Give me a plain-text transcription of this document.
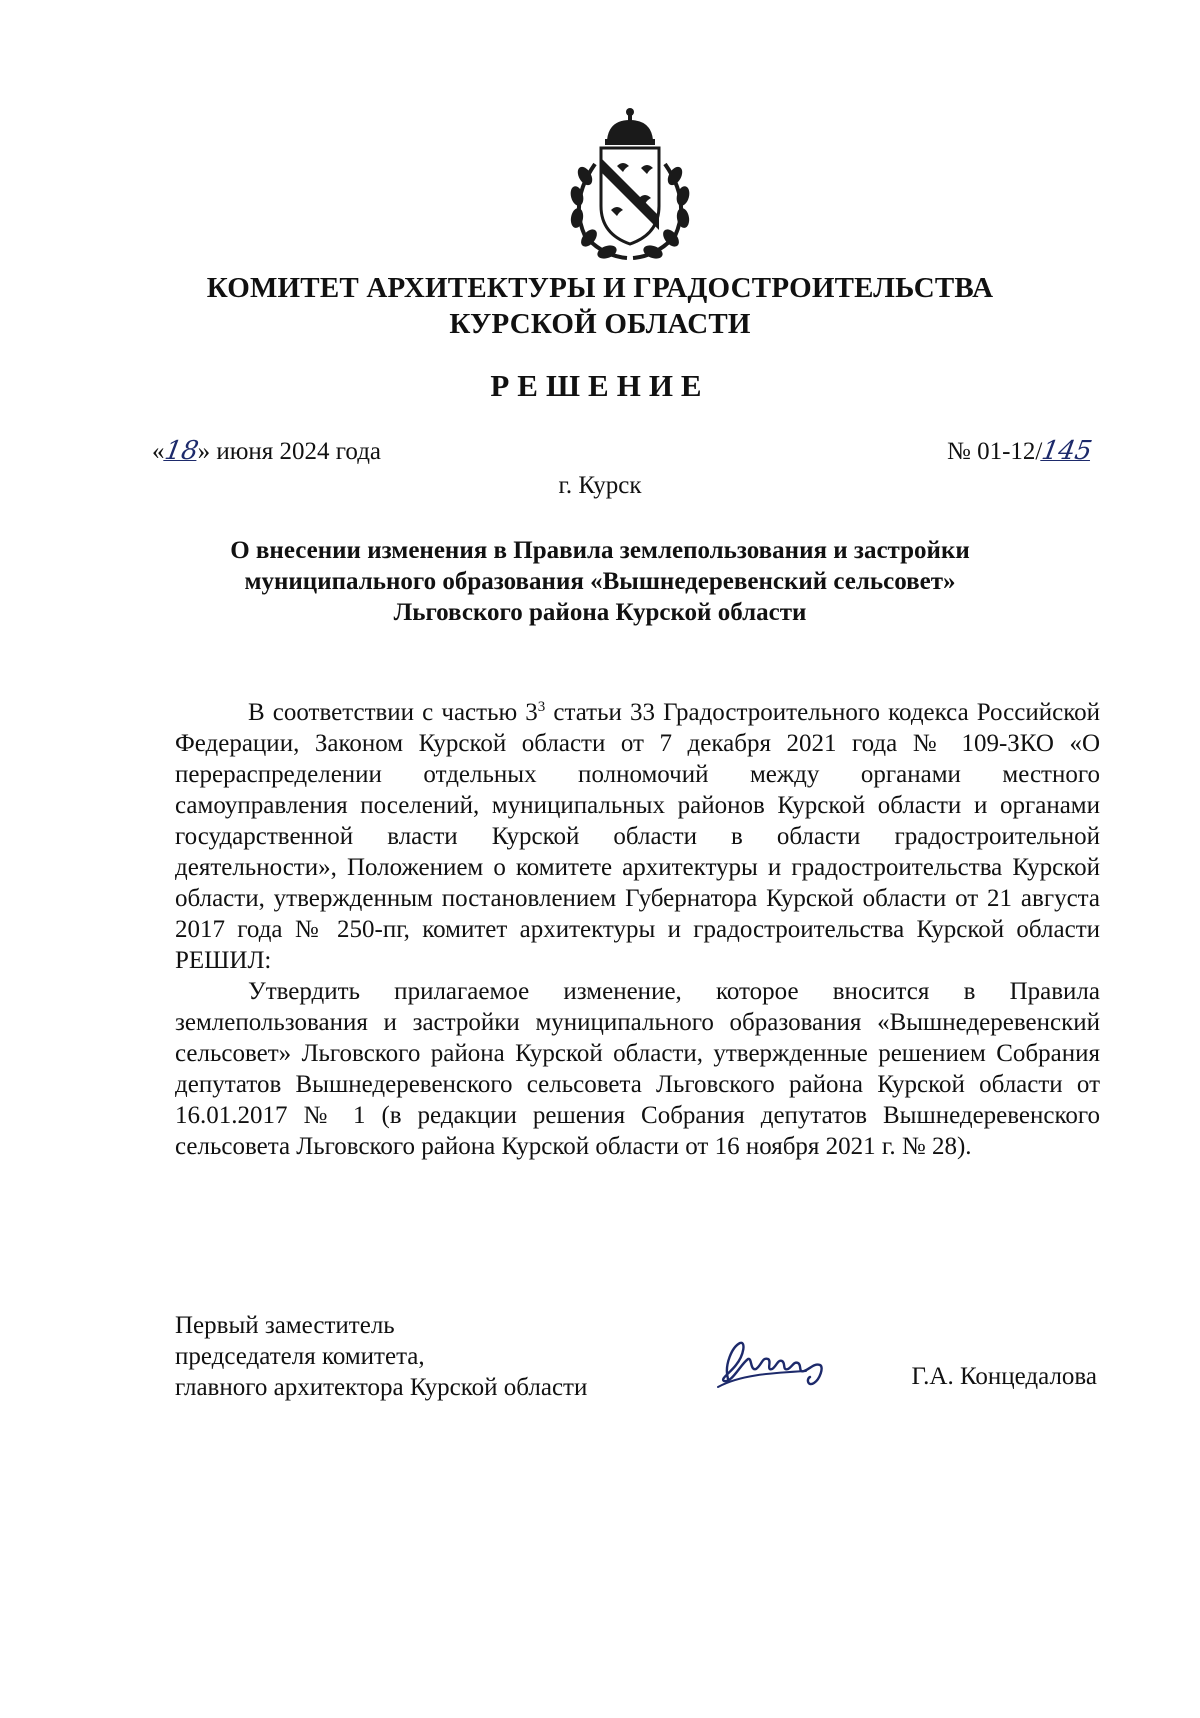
КОМИТЕТ АРХИТЕКТУРЫ И ГРАДОСТРОИТЕЛЬСТВА
КУРСКОЙ ОБЛАСТИ
РЕШЕНИЕ
«18» июня 2024 года	№ 01-12/145
г. Курск
О внесении изменения в Правила землепользования и застройки
муниципального образования «Вышнедеревенский сельсовет»
Льговского района Курской области

В соответствии с частью $3^3$ статьи 33 Градостроительного кодекса Российской Федерации, Законом Курской области от 7 декабря 2021 года № 109-ЗКО «О перераспределении отдельных полномочий между органами местного самоуправления поселений, муниципальных районов Курской области и органами государственной власти Курской области в области градостроительной деятельности», Положением о комитете архитектуры и градостроительства Курской области, утвержденным постановлением Губернатора Курской области от 21 августа 2017 года № 250-пг, комитет архитектуры и градостроительства Курской области РЕШИЛ:

Утвердить прилагаемое изменение, которое вносится в Правила землепользования и застройки муниципального образования «Вышнедеревенский сельсовет» Льговского района Курской области, утвержденные решением Собрания депутатов Вышнедеревенского сельсовета Льговского района Курской области от 16.01.2017 № 1 (в редакции решения Собрания депутатов Вышнедеревенского сельсовета Льговского района Курской области от 16 ноября 2021 г. № 28).

Первый заместитель
председателя комитета,
главного архитектора Курской области	Г.А. Концедалова
